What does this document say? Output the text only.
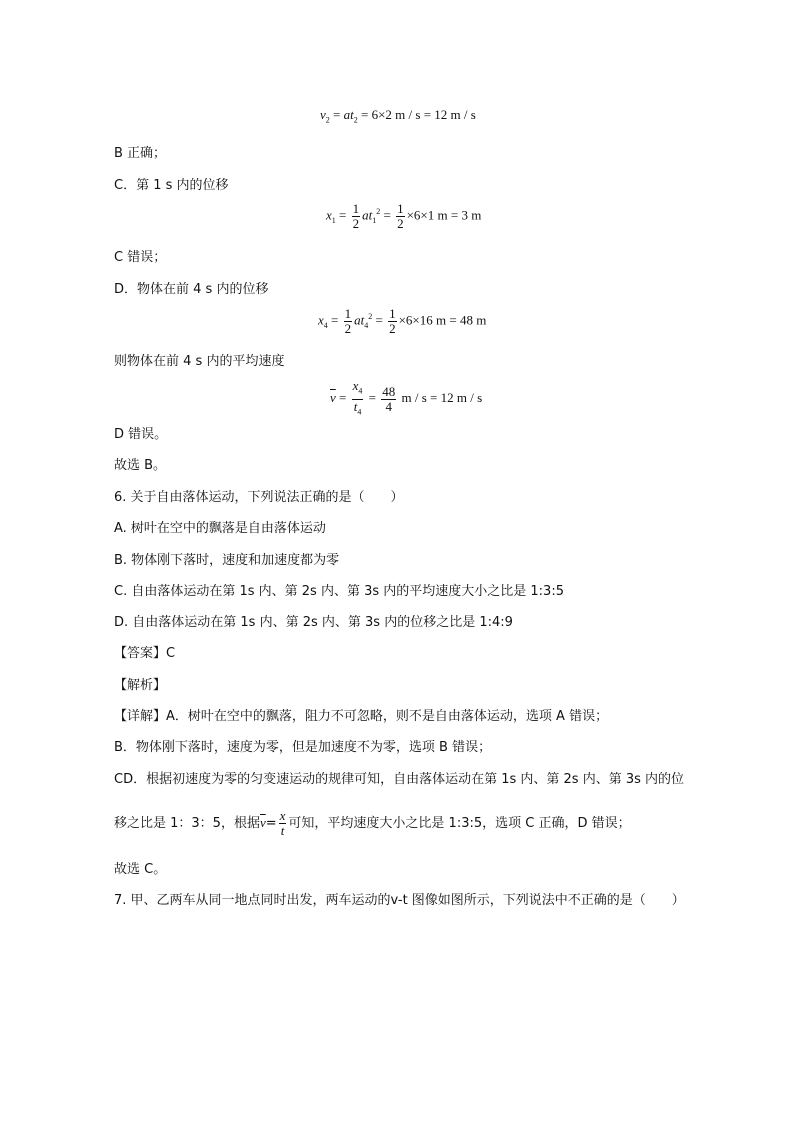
$v_2 = at_2 = 6\times 2$ m / s = 12 m / s
B 正确；
C．第 1 s 内的位移
$x_1 = \frac{1}{2} at_1^2 = \frac{1}{2} \times 6\times 1$ m = 3 m
C 错误；
D．物体在前 4 s 内的位移
$x_4 = \frac{1}{2} at_4^2 = \frac{1}{2} \times 6\times 16$ m = 48 m
则物体在前 4 s 内的平均速度
$\overline{v} = \frac{x_4}{t_4} = \frac{48}{4}$ m / s = 12 m / s
D 错误。
故选 B。
6. 关于自由落体运动，下列说法正确的是（　　）
A. 树叶在空中的飘落是自由落体运动
B. 物体刚下落时，速度和加速度都为零
C. 自由落体运动在第 1s 内、第 2s 内、第 3s 内的平均速度大小之比是 1:3:5
D. 自由落体运动在第 1s 内、第 2s 内、第 3s 内的位移之比是 1:4:9
【答案】C
【解析】
【详解】A．树叶在空中的飘落，阻力不可忽略，则不是自由落体运动，选项 A 错误；
B．物体刚下落时，速度为零，但是加速度不为零，选项 B 错误；
CD．根据初速度为零的匀变速运动的规律可知，自由落体运动在第 1s 内、第 2s 内、第 3s 内的位
移之比是 1：3：5，根据$\overline{v}= \frac{x}{t}$ 可知，平均速度大小之比是 1:3:5，选项 C 正确，D 错误；
故选 C。
7. 甲、乙两车从同一地点同时出发，两车运动的v-t 图像如图所示，下列说法中不正确的是（　　）
